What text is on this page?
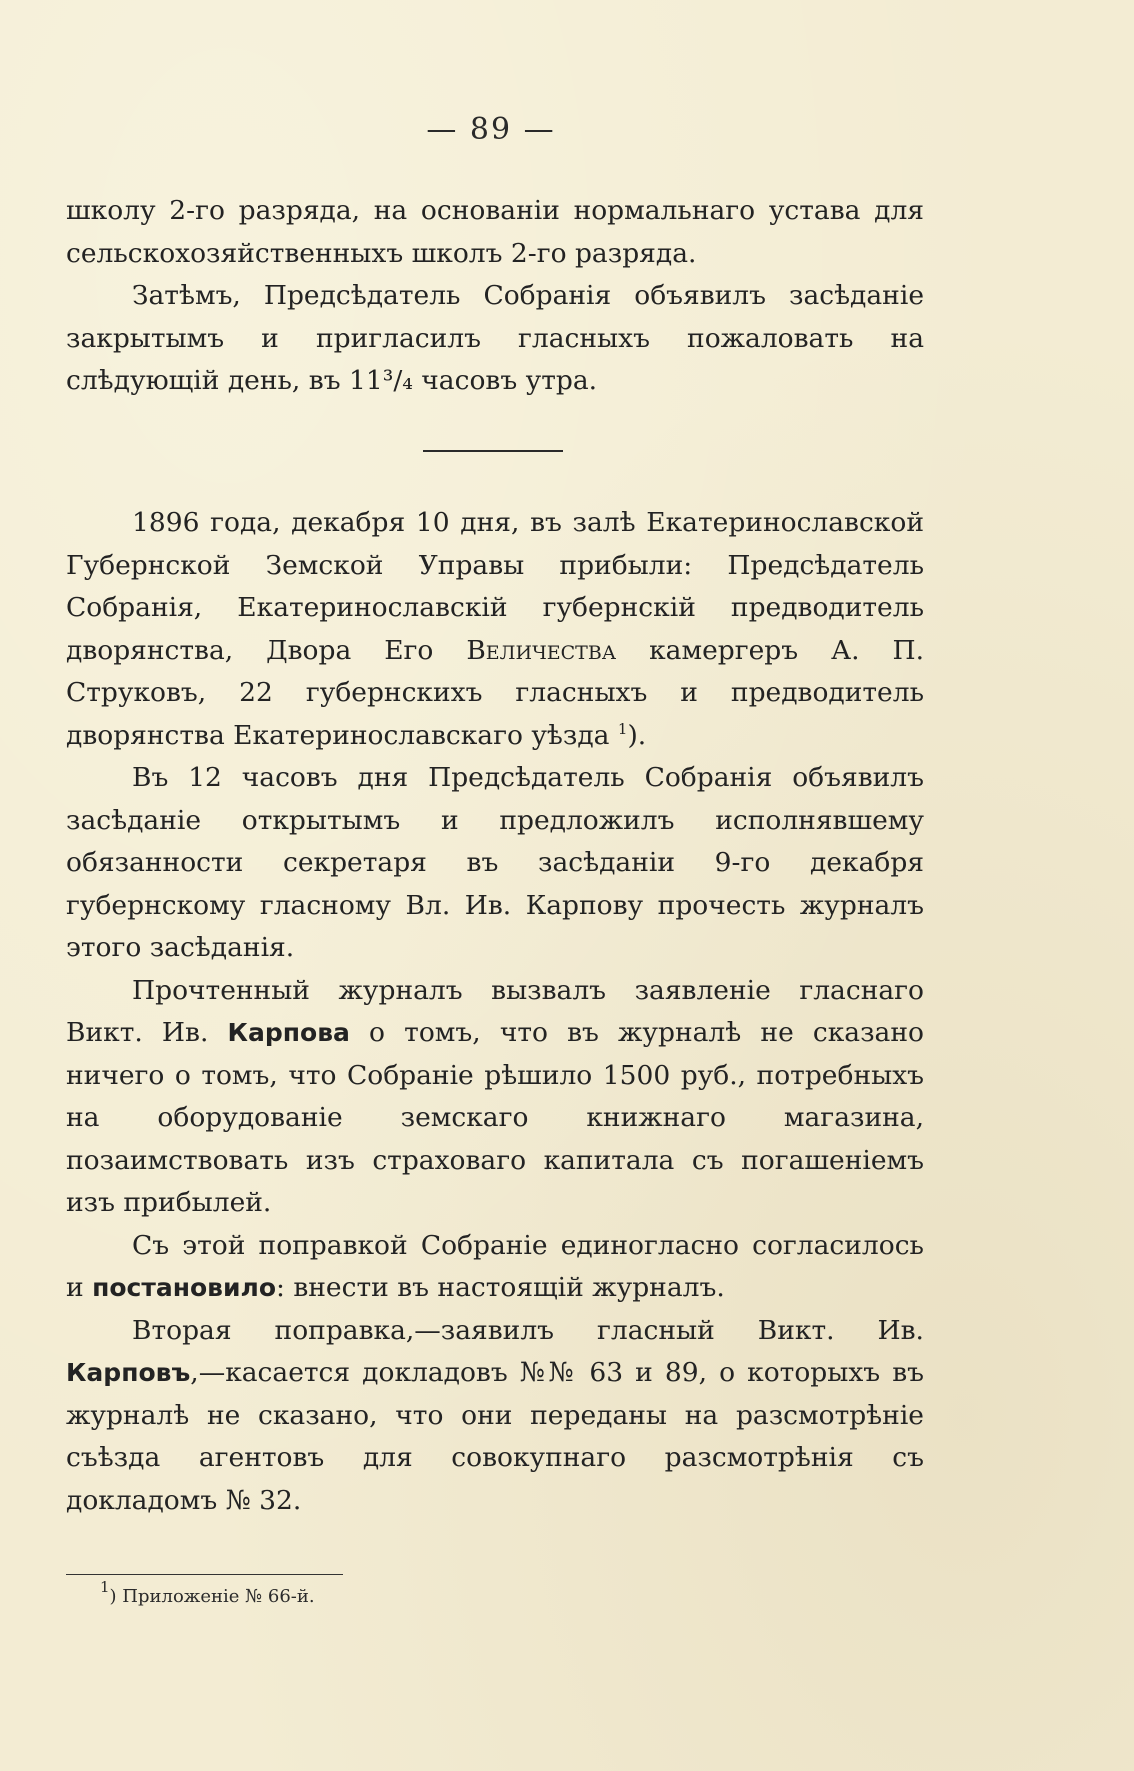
— 89 —

школу 2-го разряда, на основанiи нормальнаго устава для сельскохозяйственныхъ школъ 2-го разряда.

Затѣмъ, Предсѣдатель Собранiя объявилъ засѣданiе закрытымъ и пригласилъ гласныхъ пожаловать на слѣдующiй день, въ 11³/₄ часовъ утра.

1896 года, декабря 10 дня, въ залѣ Екатеринославской Губернской Земской Управы прибыли: Предсѣдатель Собранiя, Екатеринославскiй губернскiй предводитель дворянства, Двора Его Величества камергеръ А. П. Струковъ, 22 губернскихъ гласныхъ и предводитель дворянства Екатеринославскаго уѣзда $^1$).

Въ 12 часовъ дня Предсѣдатель Собранiя объявилъ засѣданiе открытымъ и предложилъ исполнявшему обязанности секретаря въ засѣданiи 9-го декабря губернскому гласному Вл. Ив. Карпову прочесть журналъ этого засѣданiя.

Прочтенный журналъ вызвалъ заявленiе гласнаго Викт. Ив. Карпова о томъ, что въ журналѣ не сказано ничего о томъ, что Собранiе рѣшило 1500 руб., потребныхъ на оборудованiе земскаго книжнаго магазина, позаимствовать изъ страховаго капитала съ погашенiемъ изъ прибылей.

Съ этой поправкой Собранiе единогласно согласилось и постановило: внести въ настоящiй журналъ.

Вторая поправка,—заявилъ гласный Викт. Ив. Карповъ,—касается докладовъ №№ 63 и 89, о которыхъ въ журналѣ не сказано, что они переданы на разсмотрѣнiе съѣзда агентовъ для совокупнаго разсмотрѣнiя съ докладомъ № 32.

$^1$) Приложенiе № 66-й.
